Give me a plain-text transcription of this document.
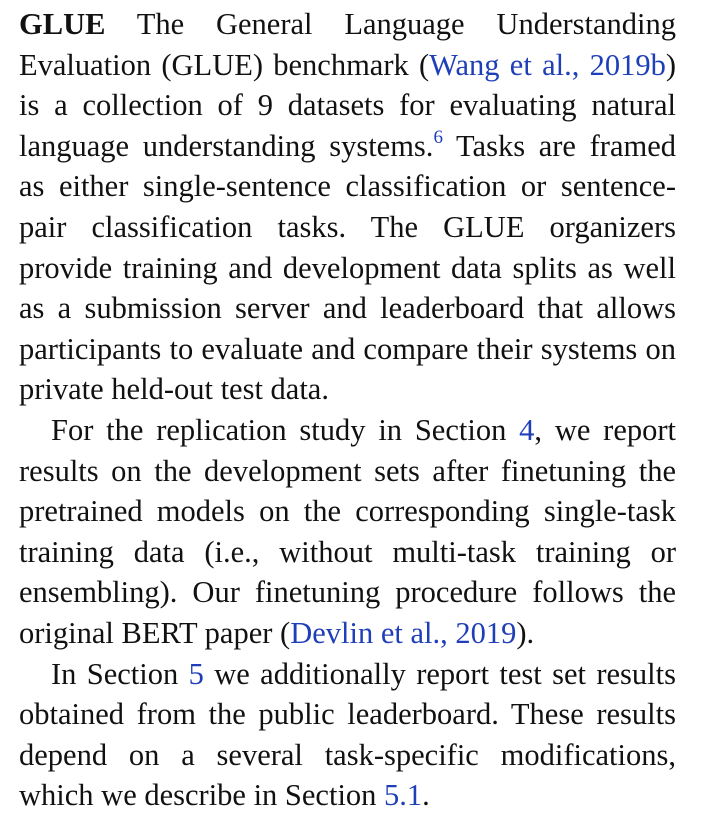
GLUE The General Language Understanding Evaluation (GLUE) benchmark (Wang et al., 2019b) is a collection of 9 datasets for evaluating natural language understanding systems.$^6$ Tasks are framed as either single-sentence classification or sentence-pair classification tasks. The GLUE organizers provide training and development data splits as well as a submission server and leaderboard that allows participants to evaluate and compare their systems on private held-out test data.

For the replication study in Section 4, we report results on the development sets after finetuning the pretrained models on the corresponding single-task training data (i.e., without multi-task training or ensembling). Our finetuning procedure follows the original BERT paper (Devlin et al., 2019).

In Section 5 we additionally report test set results obtained from the public leaderboard. These results depend on a several task-specific modifications, which we describe in Section 5.1.
